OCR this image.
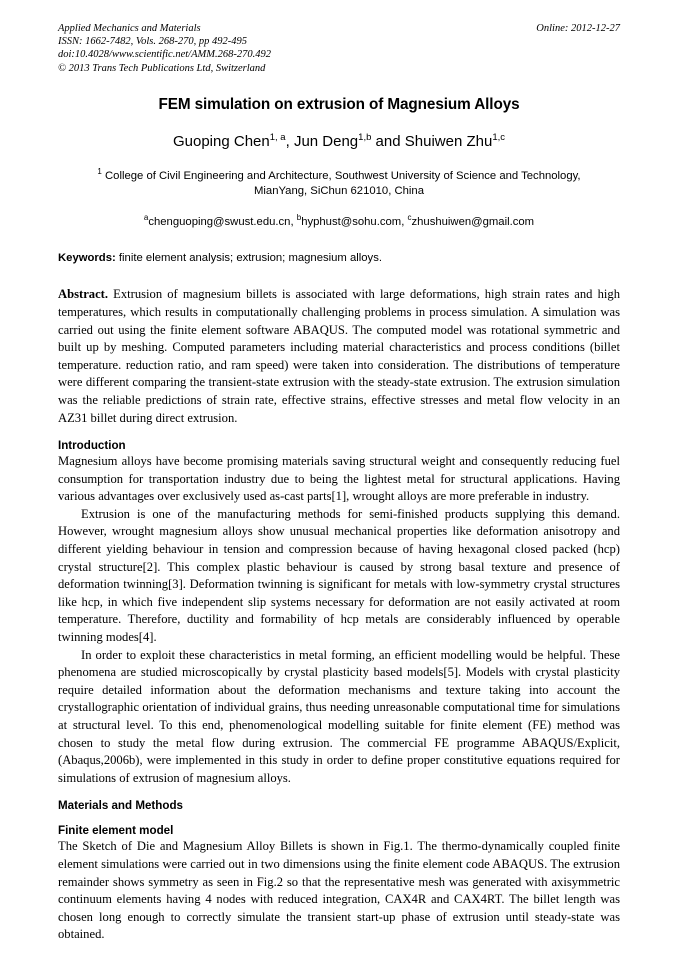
Applied Mechanics and Materials
ISSN: 1662-7482, Vols. 268-270, pp 492-495
doi:10.4028/www.scientific.net/AMM.268-270.492
© 2013 Trans Tech Publications Ltd, Switzerland
Online: 2012-12-27
FEM simulation on extrusion of Magnesium Alloys
Guoping Chen$^{1, a}$, Jun Deng$^{1,b}$ and Shuiwen Zhu$^{1,c}$
$^1$ College of Civil Engineering and Architecture, Southwest University of Science and Technology,
MianYang, SiChun 621010, China
$^a$chenguoping@swust.edu.cn, $^b$hyphust@sohu.com, $^c$zhushuiwen@gmail.com
Keywords: finite element analysis; extrusion; magnesium alloys.
Abstract. Extrusion of magnesium billets is associated with large deformations, high strain rates and high temperatures, which results in computationally challenging problems in process simulation. A simulation was carried out using the finite element software ABAQUS. The computed model was rotational symmetric and built up by meshing. Computed parameters including material characteristics and process conditions (billet temperature. reduction ratio, and ram speed) were taken into consideration. The distributions of temperature were different comparing the transient-state extrusion with the steady-state extrusion. The extrusion simulation was the reliable predictions of strain rate, effective strains, effective stresses and metal flow velocity in an AZ31 billet during direct extrusion.
Introduction

Magnesium alloys have become promising materials saving structural weight and consequently reducing fuel consumption for transportation industry due to being the lightest metal for structural applications. Having various advantages over exclusively used as-cast parts[1], wrought alloys are more preferable in industry.

Extrusion is one of the manufacturing methods for semi-finished products supplying this demand. However, wrought magnesium alloys show unusual mechanical properties like deformation anisotropy and different yielding behaviour in tension and compression because of having hexagonal closed packed (hcp) crystal structure[2]. This complex plastic behaviour is caused by strong basal texture and presence of deformation twinning[3]. Deformation twinning is significant for metals with low-symmetry crystal structures like hcp, in which five independent slip systems necessary for deformation are not easily activated at room temperature. Therefore, ductility and formability of hcp metals are considerably influenced by operable twinning modes[4].

In order to exploit these characteristics in metal forming, an efficient modelling would be helpful. These phenomena are studied microscopically by crystal plasticity based models[5]. Models with crystal plasticity require detailed information about the deformation mechanisms and texture taking into account the crystallographic orientation of individual grains, thus needing unreasonable computational time for simulations at structural level. To this end, phenomenological modelling suitable for finite element (FE) method was chosen to study the metal flow during extrusion. The commercial FE programme ABAQUS/Explicit, (Abaqus,2006b), were implemented in this study in order to define proper constitutive equations required for simulations of extrusion of magnesium alloys.

Materials and Methods
Finite element model

The Sketch of Die and Magnesium Alloy Billets is shown in Fig.1. The thermo-dynamically coupled finite element simulations were carried out in two dimensions using the finite element code ABAQUS. The extrusion remainder shows symmetry as seen in Fig.2 so that the representative mesh was generated with axisymmetric continuum elements having 4 nodes with reduced integration, CAX4R and CAX4RT. The billet length was chosen long enough to correctly simulate the transient start-up phase of extrusion until steady-state was obtained.
